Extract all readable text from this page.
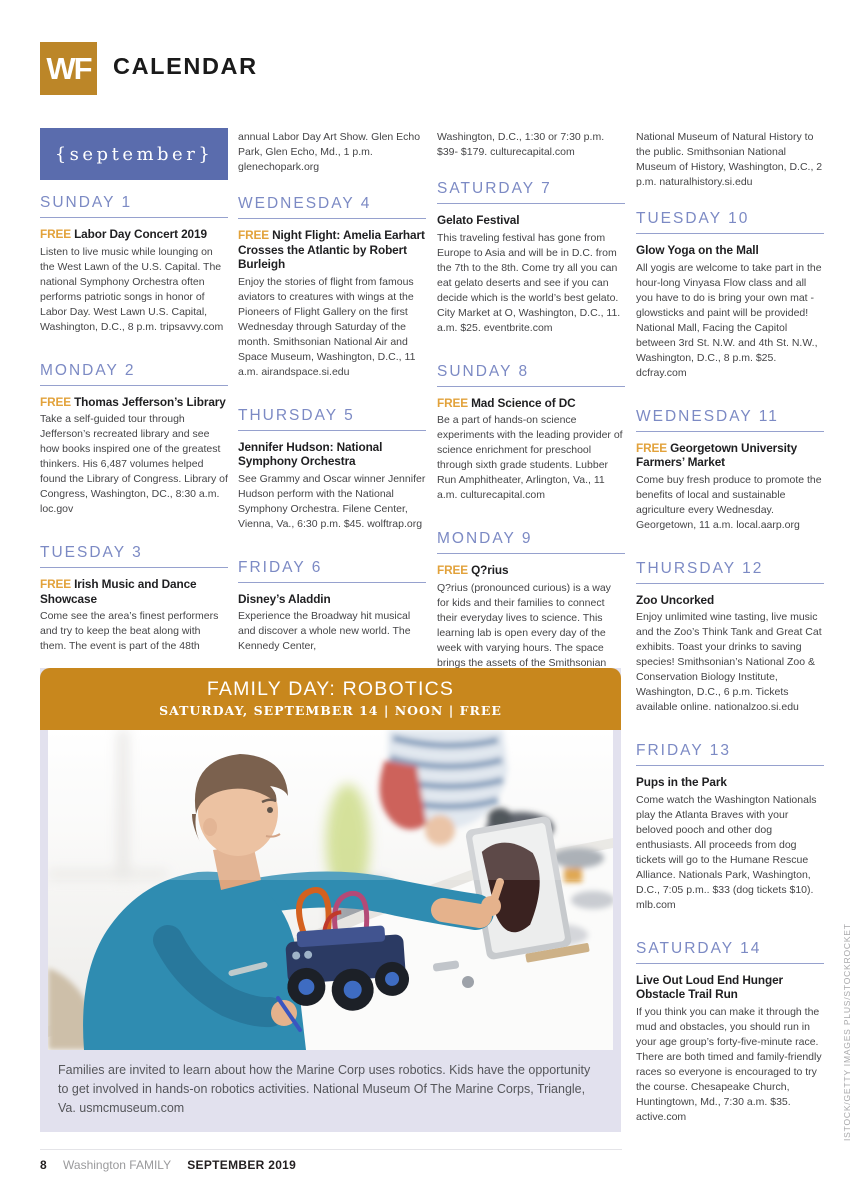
WF CALENDAR
{september}
SUNDAY 1
FREE Labor Day Concert 2019

Listen to live music while lounging on the West Lawn of the U.S. Capital. The national Symphony Orchestra often performs patriotic songs in honor of Labor Day. West Lawn U.S. Capital, Washington, D.C., 8 p.m. tripsavvy.com

MONDAY 2
FREE Thomas Jefferson’s Library

Take a self-guided tour through Jefferson’s recreated library and see how books inspired one of the greatest thinkers. His 6,487 volumes helped found the Library of Congress. Library of Congress, Washington, DC., 8:30 a.m. loc.gov

TUESDAY 3
FREE Irish Music and Dance Showcase

Come see the area’s finest performers and try to keep the beat along with them. The event is part of the 48th

annual Labor Day Art Show. Glen Echo Park, Glen Echo, Md., 1 p.m. glenechopark.org

WEDNESDAY 4
FREE Night Flight: Amelia Earhart Crosses the Atlantic by Robert Burleigh

Enjoy the stories of flight from famous aviators to creatures with wings at the Pioneers of Flight Gallery on the first Wednesday through Saturday of the month. Smithsonian National Air and Space Museum, Washington, D.C., 11 a.m. airandspace.si.edu

THURSDAY 5
Jennifer Hudson: National Symphony Orchestra

See Grammy and Oscar winner Jennifer Hudson perform with the National Symphony Orchestra. Filene Center, Vienna, Va., 6:30 p.m. $45. wolftrap.org

FRIDAY 6
Disney’s Aladdin

Experience the Broadway hit musical and discover a whole new world. The Kennedy Center,

Washington, D.C., 1:30 or 7:30 p.m. $39- $179. culturecapital.com

SATURDAY 7
Gelato Festival

This traveling festival has gone from Europe to Asia and will be in D.C. from the 7th to the 8th. Come try all you can eat gelato deserts and see if you can decide which is the world’s best gelato. City Market at O, Washington, D.C., 11. a.m. $25. eventbrite.com

SUNDAY 8
FREE Mad Science of DC

Be a part of hands-on science experiments with the leading provider of science enrichment for preschool through sixth grade students. Lubber Run Amphitheater, Arlington, Va., 11 a.m. culturecapital.com

MONDAY 9
FREE Q?rius

Q?rius (pronounced curious) is a way for kids and their families to connect their everyday lives to science. This learning lab is open every day of the week with varying hours. The space brings the assets of the Smithsonian

National Museum of Natural History to the public. Smithsonian National Museum of History, Washington, D.C., 2 p.m. naturalhistory.si.edu

TUESDAY 10
Glow Yoga on the Mall

All yogis are welcome to take part in the hour-long Vinyasa Flow class and all you have to do is bring your own mat - glowsticks and paint will be provided! National Mall, Facing the Capitol between 3rd St. N.W. and 4th St. N.W., Washington, D.C., 8 p.m. $25. dcfray.com

WEDNESDAY 11
FREE Georgetown University Farmers’ Market

Come buy fresh produce to promote the benefits of local and sustainable agriculture every Wednesday. Georgetown, 11 a.m. local.aarp.org

THURSDAY 12
Zoo Uncorked

Enjoy unlimited wine tasting, live music and the Zoo’s Think Tank and Great Cat exhibits. Toast your drinks to saving species! Smithsonian’s National Zoo & Conservation Biology Institute, Washington, D.C., 6 p.m. Tickets available online. nationalzoo.si.edu

FRIDAY 13
Pups in the Park

Come watch the Washington Nationals play the Atlanta Braves with your beloved pooch and other dog enthusiasts. All proceeds from dog tickets will go to the Humane Rescue Alliance. Nationals Park, Washington, D.C., 7:05 p.m.. $33 (dog tickets $10). mlb.com

SATURDAY 14
Live Out Loud End Hunger Obstacle Trail Run

If you think you can make it through the mud and obstacles, you should run in your age group’s forty-five-minute race. There are both timed and family-friendly races so everyone is encouraged to try the course. Chesapeake Church, Huntingtown, Md., 7:30 a.m. $35. active.com

FAMILY DAY: ROBOTICS
SATURDAY, SEPTEMBER 14 | NOON | FREE
Families are invited to learn about how the Marine Corp uses robotics. Kids have the opportunity to get involved in hands-on robotics activities. National Museum Of The Marine Corps, Triangle, Va. usmcmuseum.com
8 Washington FAMILY SEPTEMBER 2019
ISTOCK/GETTY IMAGES PLUS/STOCKROCKET
